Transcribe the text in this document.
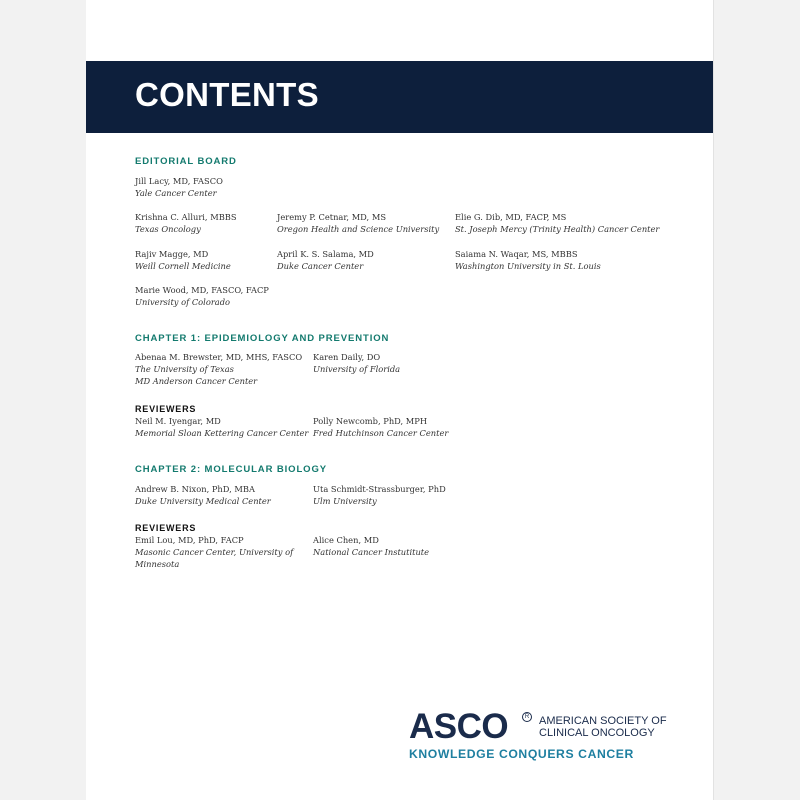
CONTENTS
EDITORIAL BOARD
Jill Lacy, MD, FASCO
Yale Cancer Center
Krishna C. Alluri, MBBS
Texas Oncology
Jeremy P. Cetnar, MD, MS
Oregon Health and Science University
Elie G. Dib, MD, FACP, MS
St. Joseph Mercy (Trinity Health) Cancer Center
Rajiv Magge, MD
Weill Cornell Medicine
April K. S. Salama, MD
Duke Cancer Center
Saiama N. Waqar, MS, MBBS
Washington University in St. Louis
Marie Wood, MD, FASCO, FACP
University of Colorado
CHAPTER 1: EPIDEMIOLOGY AND PREVENTION
Abenaa M. Brewster, MD, MHS, FASCO
The University of Texas
MD Anderson Cancer Center
Karen Daily, DO
University of Florida
REVIEWERS
Neil M. Iyengar, MD
Memorial Sloan Kettering Cancer Center
Polly Newcomb, PhD, MPH
Fred Hutchinson Cancer Center
CHAPTER 2: MOLECULAR BIOLOGY
Andrew B. Nixon, PhD, MBA
Duke University Medical Center
Uta Schmidt-Strassburger, PhD
Ulm University
REVIEWERS
Emil Lou, MD, PhD, FACP
Masonic Cancer Center, University of
Minnesota
Alice Chen, MD
National Cancer Instutitute
ASCO	R AMERICAN SOCIETY OF
CLINICAL ONCOLOGY
KNOWLEDGE CONQUERS CANCER
